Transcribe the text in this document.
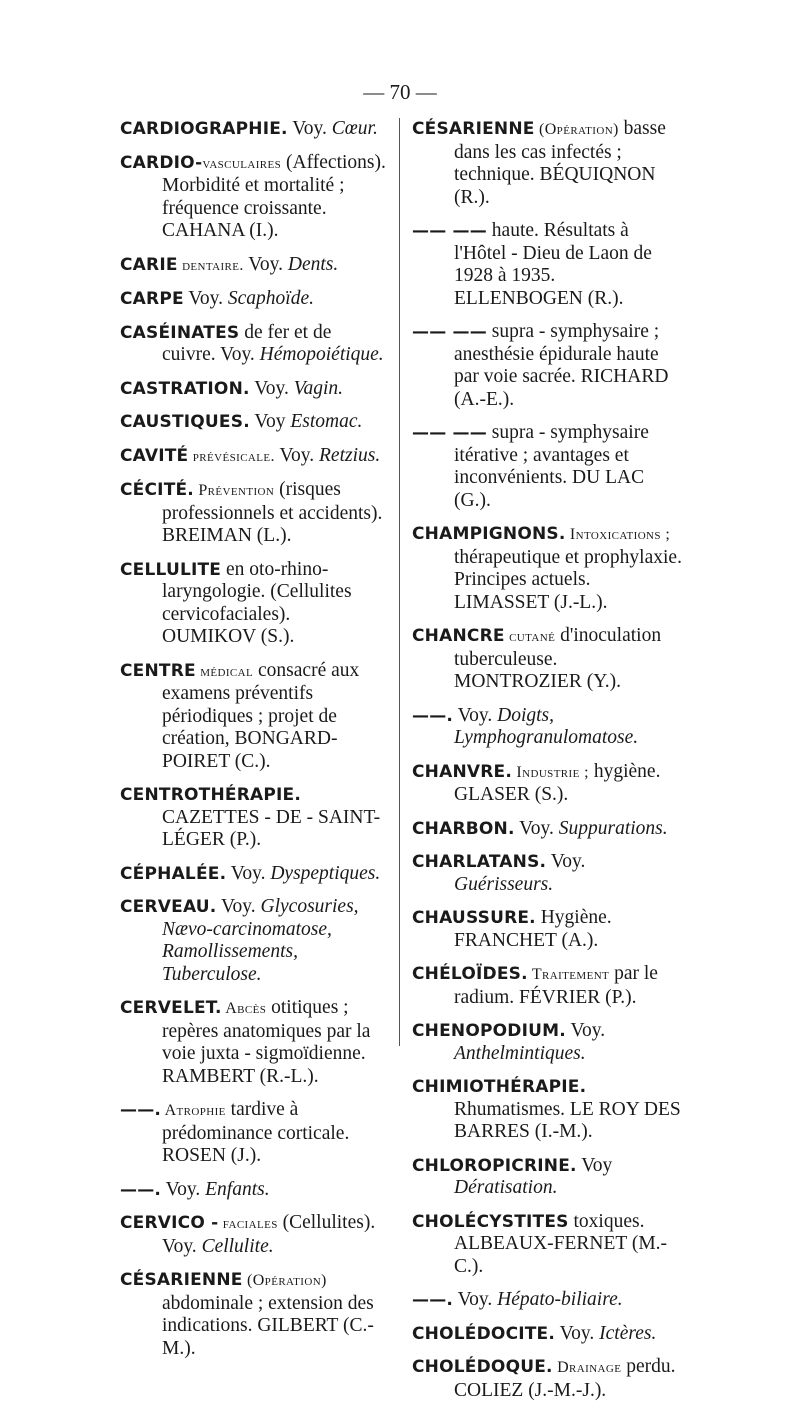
— 70 —
CARDIOGRAPHIE. Voy. Cœur.
CARDIO-vasculaires (Affections). Morbidité et mortalité ; fréquence croissante. CAHANA (I.).
CARIE dentaire. Voy. Dents.
CARPE Voy. Scaphoïde.
CASÉINATES de fer et de cuivre. Voy. Hémopoiétique.
CASTRATION. Voy. Vagin.
CAUSTIQUES. Voy Estomac.
CAVITÉ prévésicale. Voy. Retzius.
CÉCITÉ. Prévention (risques professionnels et accidents). BREIMAN (L.).
CELLULITE en oto-rhino-laryngologie. (Cellulites cervicofaciales). OUMIKOV (S.).
CENTRE médical consacré aux examens préventifs périodiques ; projet de création, BONGARD-POIRET (C.).
CENTROTHÉRAPIE. CAZETTES - DE - SAINT-LÉGER (P.).
CÉPHALÉE. Voy. Dyspeptiques.
CERVEAU. Voy. Glycosuries, Nævo-carcinomatose, Ramollissements, Tuberculose.
CERVELET. Abcès otitiques ; repères anatomiques par la voie juxta - sigmoïdienne. RAMBERT (R.-L.).
——. Atrophie tardive à prédominance corticale. ROSEN (J.).
——. Voy. Enfants.
CERVICO - faciales (Cellulites). Voy. Cellulite.
CÉSARIENNE (Opération) abdominale ; extension des indications. GILBERT (C.-M.).
CÉSARIENNE (Opération) basse dans les cas infectés ; technique. BÉQUIQNON (R.).
—— —— haute. Résultats à l'Hôtel - Dieu de Laon de 1928 à 1935. ELLENBOGEN (R.).
—— —— supra - symphysaire ; anesthésie épidurale haute par voie sacrée. RICHARD (A.-E.).
—— —— supra - symphysaire itérative ; avantages et inconvénients. DU LAC (G.).
CHAMPIGNONS. Intoxications ; thérapeutique et prophylaxie. Principes actuels. LIMASSET (J.-L.).
CHANCRE cutané d'inoculation tuberculeuse. MONTROZIER (Y.).
——. Voy. Doigts, Lymphogranulomatose.
CHANVRE. Industrie ; hygiène. GLASER (S.).
CHARBON. Voy. Suppurations.
CHARLATANS. Voy. Guérisseurs.
CHAUSSURE. Hygiène. FRANCHET (A.).
CHÉLOÏDES. Traitement par le radium. FÉVRIER (P.).
CHENOPODIUM. Voy. Anthelmintiques.
CHIMIOTHÉRAPIE. Rhumatismes. LE ROY DES BARRES (I.-M.).
CHLOROPICRINE. Voy Dératisation.
CHOLÉCYSTITES toxiques. ALBEAUX-FERNET (M.-C.).
——. Voy. Hépato-biliaire.
CHOLÉDOCITE. Voy. Ictères.
CHOLÉDOQUE. Drainage perdu. COLIEZ (J.-M.-J.).
